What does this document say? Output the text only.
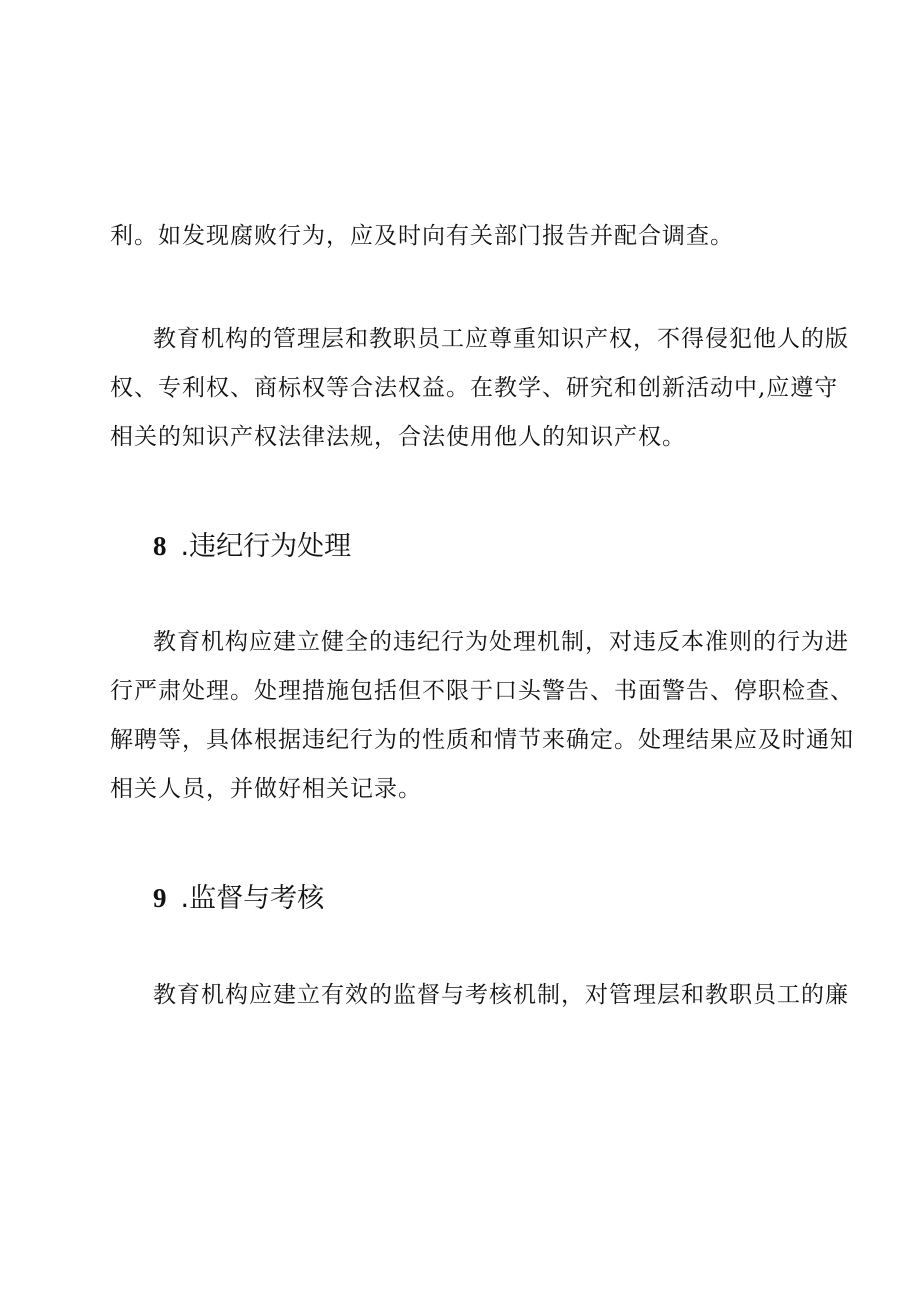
利。如发现腐败行为，应及时向有关部门报告并配合调查。
教育机构的管理层和教职员工应尊重知识产权，不得侵犯他人的版
权、专利权、商标权等合法权益。在教学、研究和创新活动中,应遵守
相关的知识产权法律法规，合法使用他人的知识产权。
8 .违纪行为处理
教育机构应建立健全的违纪行为处理机制，对违反本准则的行为进
行严肃处理。处理措施包括但不限于口头警告、书面警告、停职检查、
解聘等，具体根据违纪行为的性质和情节来确定。处理结果应及时通知
相关人员，并做好相关记录。
9 .监督与考核
教育机构应建立有效的监督与考核机制，对管理层和教职员工的廉
